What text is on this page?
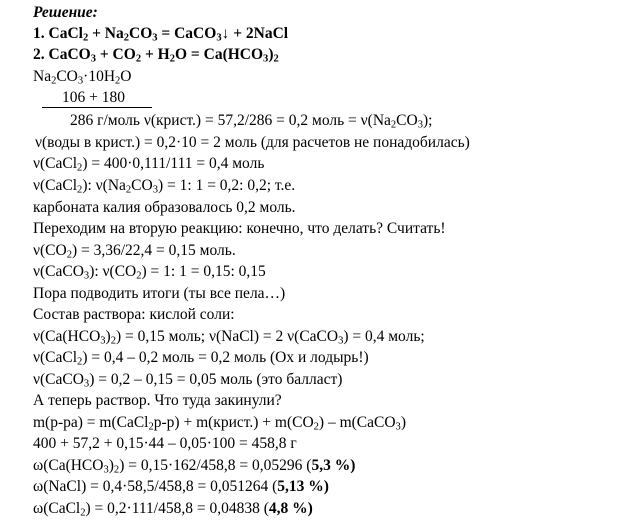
Решение:
1. CaCl$_2$ + $Na_2CO_3$ = CaCO$_3$↓ + 2NaCl
2. CaCO$_3$ + $CO_2 + H_2O = Ca(HCO_3)_2$
$Na_2CO_3\cdot 10H_2O$
106 + 180
286 г/моль ν(крист.) = 57,2/286 = 0,2 моль = $\nu(Na_2CO_3)$;
ν(воды в крист.) = 0,2·10 = 2 моль (для расчетов не понадобилась)
ν(CaCl$_2$) = 400·0,111/111 = 0,4 моль
ν(CaCl$_2$): $\nu(Na_2CO_3) = 1$: 1 = 0,2: 0,2; т.е.
карбоната калия образовалось 0,2 моль.
Переходим на вторую реакцию: конечно, что делать? Считать!
$\nu(CO_2) = 3,36/22,4 = 0,15$ моль.
ν(CaCO$_3$): $\nu(CO_2) = 1$: 1 = 0,15: 0,15
Пора подводить итоги (ты все пела…)
Состав раствора: кислой соли:
$\nu(Ca(HCO_3)_2) = 0,15$ моль; ν(NaCl) = 2 ν(CaCO$_3$) = 0,4 моль;
ν(CaCl$_2$) = 0,4 – 0,2 моль = 0,2 моль (Ох и лодырь!)
ν(CaCO$_3$) = 0,2 – 0,15 = 0,05 моль (это балласт)
А теперь раствор. Что туда закинули?
m(р-ра) = m(CaCl$_2$р-р) + m(крист.) + $m(CO_2)$ – m(CaCO$_3$)
400 + 57,2 + 0,15·44 – 0,05·100 = 458,8 г
$\omega(Ca(HCO_3)_2) = 0,15\cdot 162/458,8 = 0,05296$ (5,3 %)
ω(NaCl) = 0,4·58,5/458,8 = 0,051264 (5,13 %)
ω(CaCl$_2$) = 0,2·111/458,8 = 0,04838 (4,8 %)
